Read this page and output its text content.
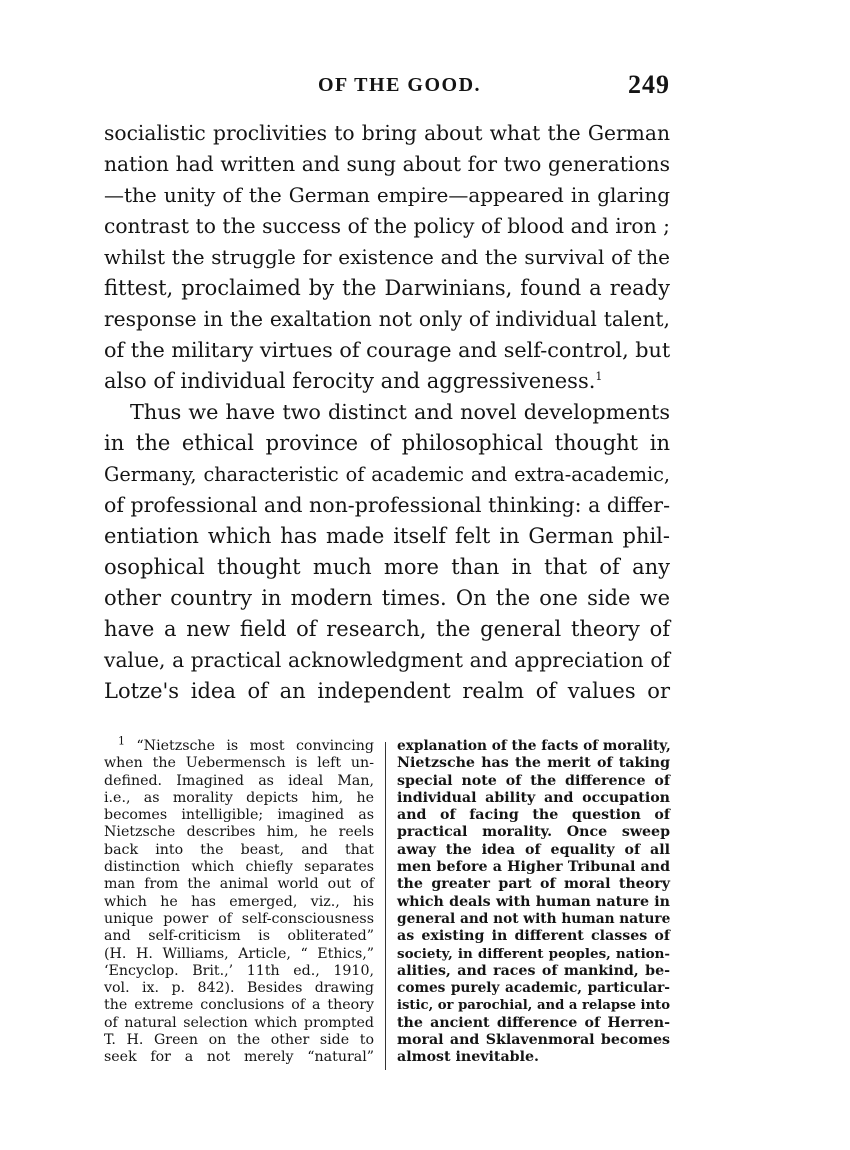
OF THE GOOD.	249
socialistic proclivities to bring about what the German
nation had written and sung about for two generations
—the unity of the German empire—appeared in glaring
contrast to the success of the policy of blood and iron ;
whilst the struggle for existence and the survival of the
fittest, proclaimed by the Darwinians, found a ready
response in the exaltation not only of individual talent,
of the military virtues of courage and self-control, but
also of individual ferocity and aggressiveness.$^1$
Thus we have two distinct and novel developments
in the ethical province of philosophical thought in
Germany, characteristic of academic and extra-academic,
of professional and non-professional thinking: a differ-
entiation which has made itself felt in German phil-
osophical thought much more than in that of any
other country in modern times. On the one side we
have a new field of research, the general theory of
value, a practical acknowledgment and appreciation of
Lotze's idea of an independent realm of values or
$^1$ “Nietzsche is most convincing
when the Uebermensch is left un-
defined. Imagined as ideal Man,
i.e., as morality depicts him, he
becomes intelligible; imagined as
Nietzsche describes him, he reels
back into the beast, and that
distinction which chiefly separates
man from the animal world out of
which he has emerged, viz., his
unique power of self-consciousness
and self-criticism is obliterated”
(H. H. Williams, Article, “ Ethics,”
‘Encyclop. Brit.,’ 11th ed., 1910,
vol. ix. p. 842). Besides drawing
the extreme conclusions of a theory
of natural selection which prompted
T. H. Green on the other side to
seek for a not merely “natural”
explanation of the facts of morality,
Nietzsche has the merit of taking
special note of the difference of
individual ability and occupation
and of facing the question of
practical morality. Once sweep
away the idea of equality of all
men before a Higher Tribunal and
the greater part of moral theory
which deals with human nature in
general and not with human nature
as existing in different classes of
society, in different peoples, nation-
alities, and races of mankind, be-
comes purely academic, particular-
istic, or parochial, and a relapse into
the ancient difference of Herren-
moral and Sklavenmoral becomes
almost inevitable.
